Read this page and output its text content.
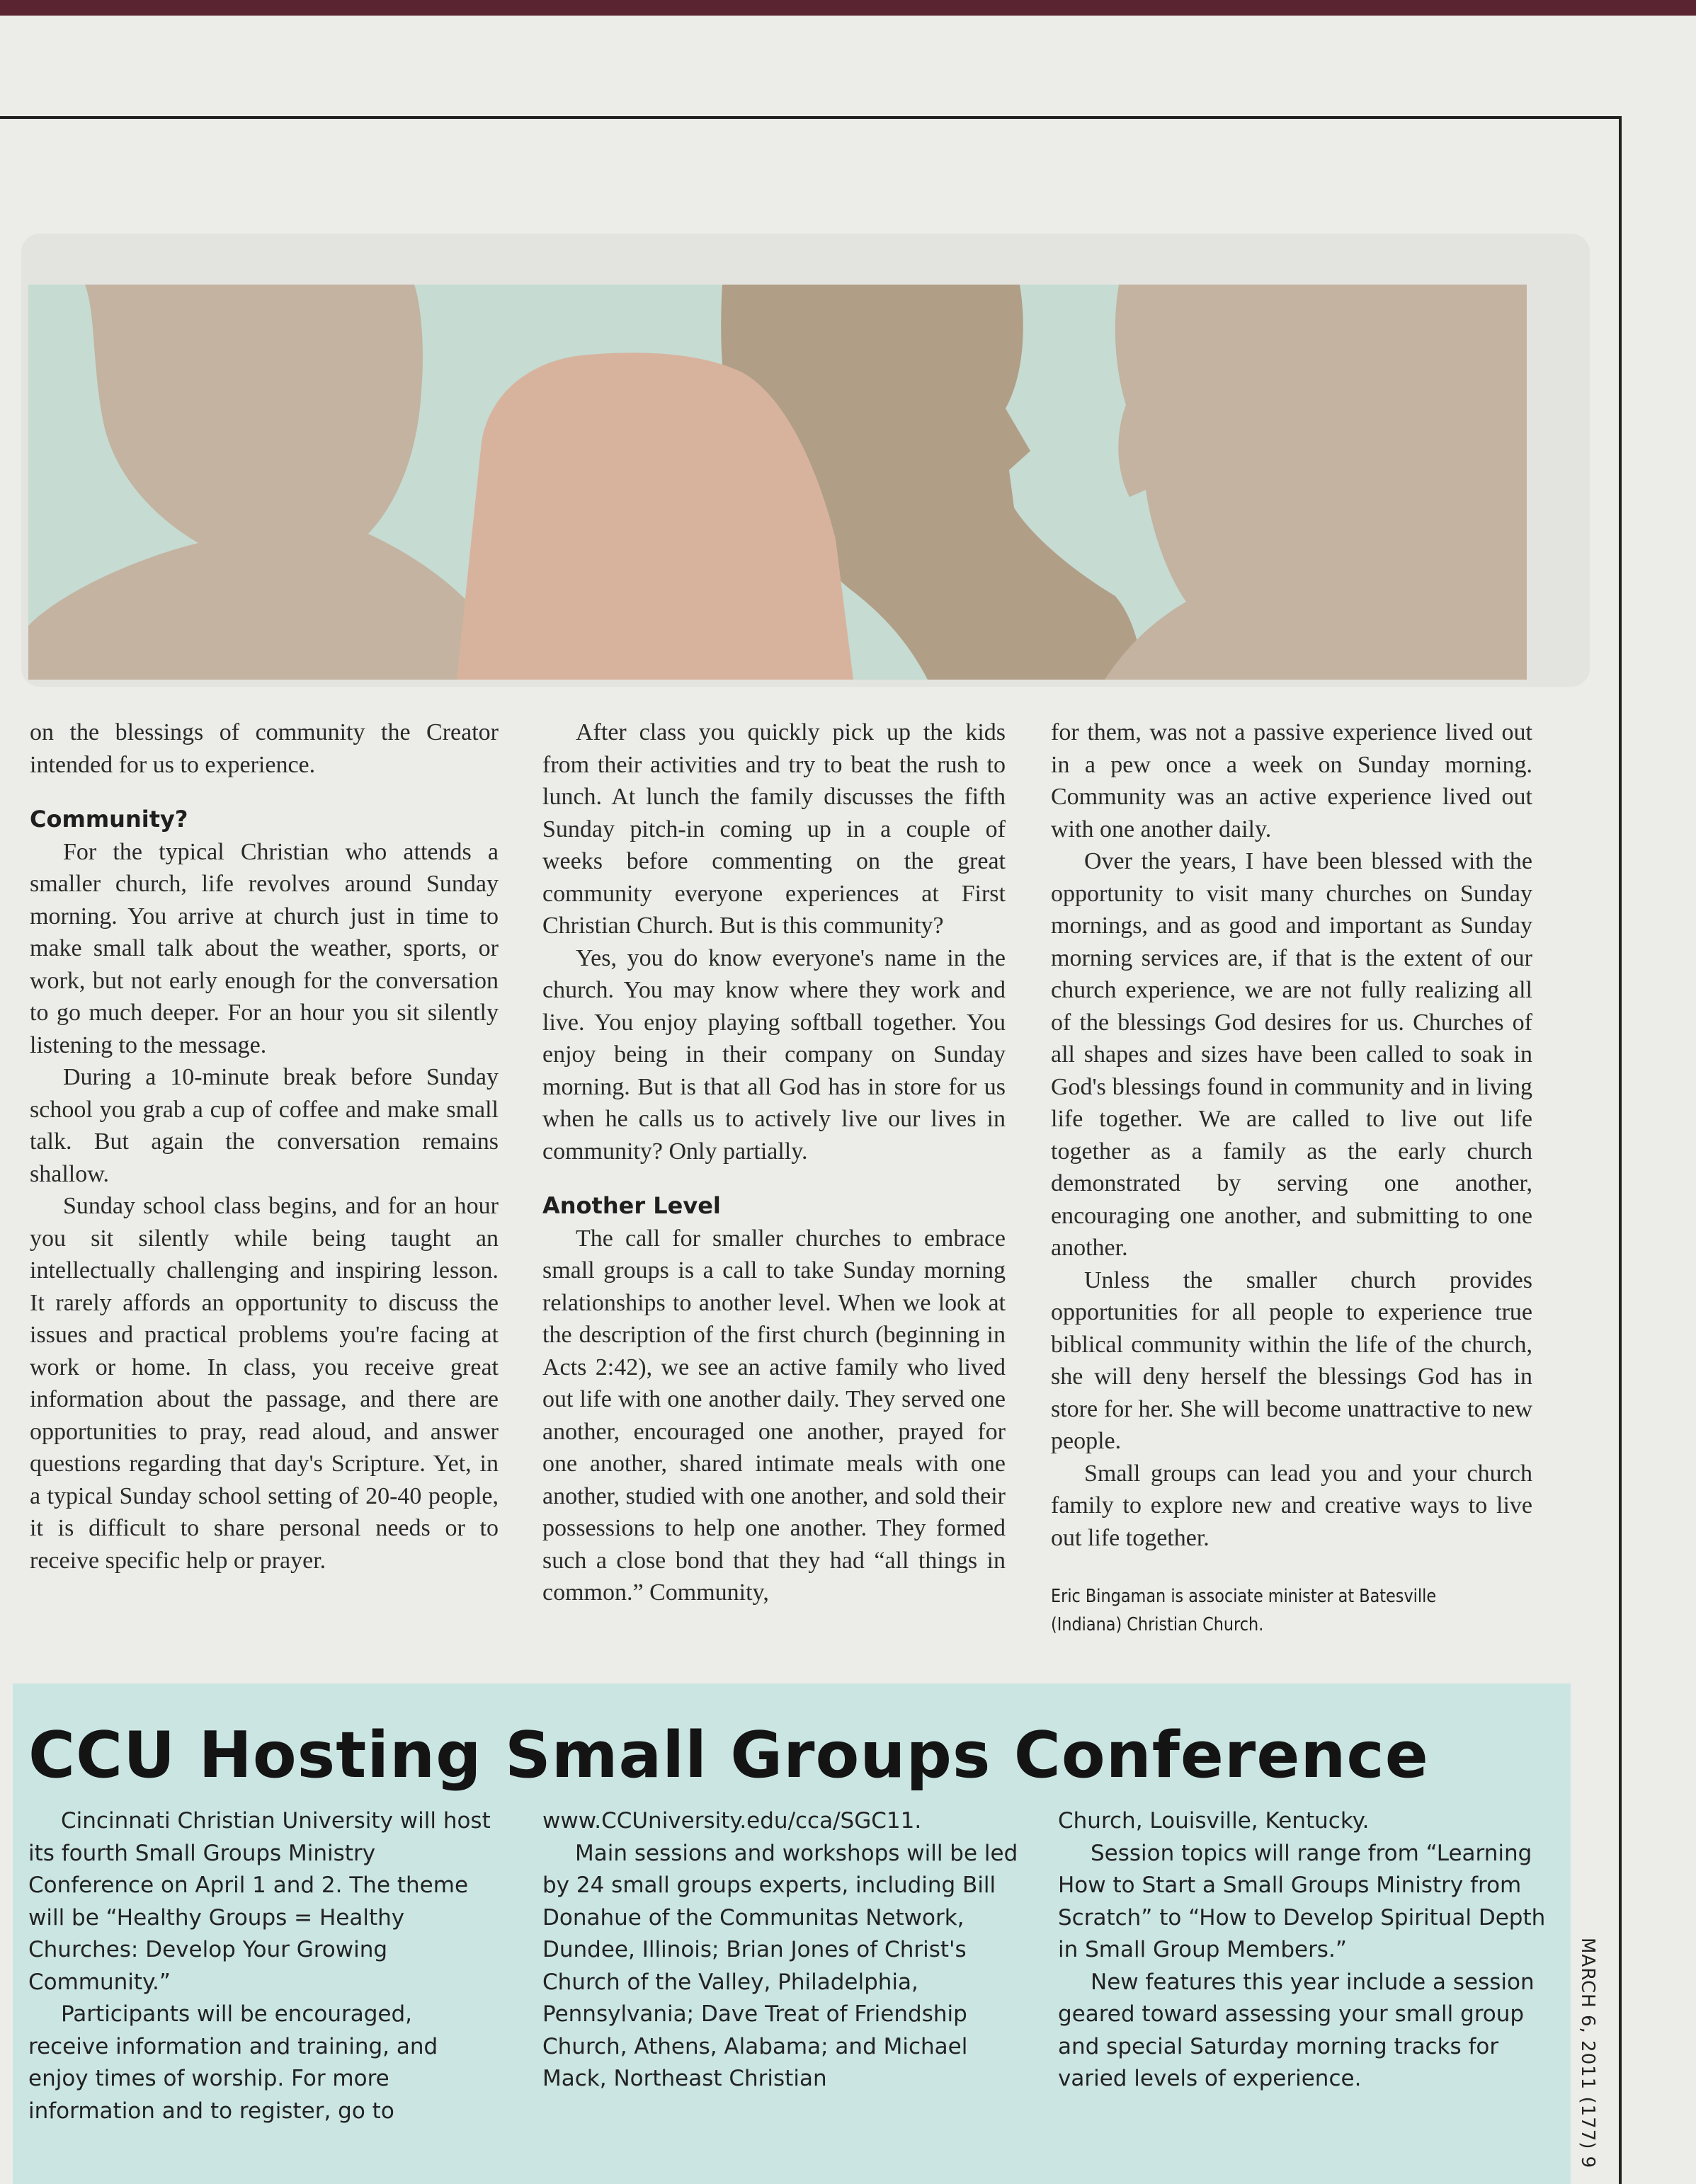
on the blessings of community the Creator intended for us to experience.

Community?

For the typical Christian who attends a smaller church, life revolves around Sunday morning. You arrive at church just in time to make small talk about the weather, sports, or work, but not early enough for the conversation to go much deeper. For an hour you sit silently listening to the message.

During a 10-minute break before Sunday school you grab a cup of coffee and make small talk. But again the conversation remains shallow.

Sunday school class begins, and for an hour you sit silently while being taught an intellectually challenging and inspiring lesson. It rarely affords an opportunity to discuss the issues and practical problems you're facing at work or home. In class, you receive great information about the passage, and there are opportunities to pray, read aloud, and answer questions regarding that day's Scripture. Yet, in a typical Sunday school setting of 20-40 people, it is difficult to share personal needs or to receive specific help or prayer.

After class you quickly pick up the kids from their activities and try to beat the rush to lunch. At lunch the family discusses the fifth Sunday pitch-in coming up in a couple of weeks before commenting on the great community everyone experiences at First Christian Church. But is this community?

Yes, you do know everyone's name in the church. You may know where they work and live. You enjoy playing softball together. You enjoy being in their company on Sunday morning. But is that all God has in store for us when he calls us to actively live our lives in community? Only partially.

Another Level

The call for smaller churches to embrace small groups is a call to take Sunday morning relationships to another level. When we look at the description of the first church (beginning in Acts 2:42), we see an active family who lived out life with one another daily. They served one another, encouraged one another, prayed for one another, shared intimate meals with one another, studied with one another, and sold their possessions to help one another. They formed such a close bond that they had “all things in common.” Community,

for them, was not a passive experience lived out in a pew once a week on Sunday morning. Community was an active experience lived out with one another daily.

Over the years, I have been blessed with the opportunity to visit many churches on Sunday mornings, and as good and important as Sunday morning services are, if that is the extent of our church experience, we are not fully realizing all of the blessings God desires for us. Churches of all shapes and sizes have been called to soak in God's blessings found in community and in living life together. We are called to live out life together as a family as the early church demonstrated by serving one another, encouraging one another, and submitting to one another.

Unless the smaller church provides opportunities for all people to experience true biblical community within the life of the church, she will deny herself the blessings God has in store for her. She will become unattractive to new people.

Small groups can lead you and your church family to explore new and creative ways to live out life together.

Eric Bingaman is associate minister at Batesville (Indiana) Christian Church.
CCU Hosting Small Groups Conference

Cincinnati Christian University will host its fourth Small Groups Ministry Conference on April 1 and 2. The theme will be “Healthy Groups = Healthy Churches: Develop Your Growing Community.”

Participants will be encouraged, receive information and training, and enjoy times of worship. For more information and to register, go to

www.CCUniversity.edu/cca/SGC11.

Main sessions and workshops will be led by 24 small groups experts, including Bill Donahue of the Communitas Network, Dundee, Illinois; Brian Jones of Christ's Church of the Valley, Philadelphia, Pennsylvania; Dave Treat of Friendship Church, Athens, Alabama; and Michael Mack, Northeast Christian

Church, Louisville, Kentucky.

Session topics will range from “Learning How to Start a Small Groups Ministry from Scratch” to “How to Develop Spiritual Depth in Small Group Members.”

New features this year include a session geared toward assessing your small group and special Saturday morning tracks for varied levels of experience.	MARCH 6, 2011 (177) 9
